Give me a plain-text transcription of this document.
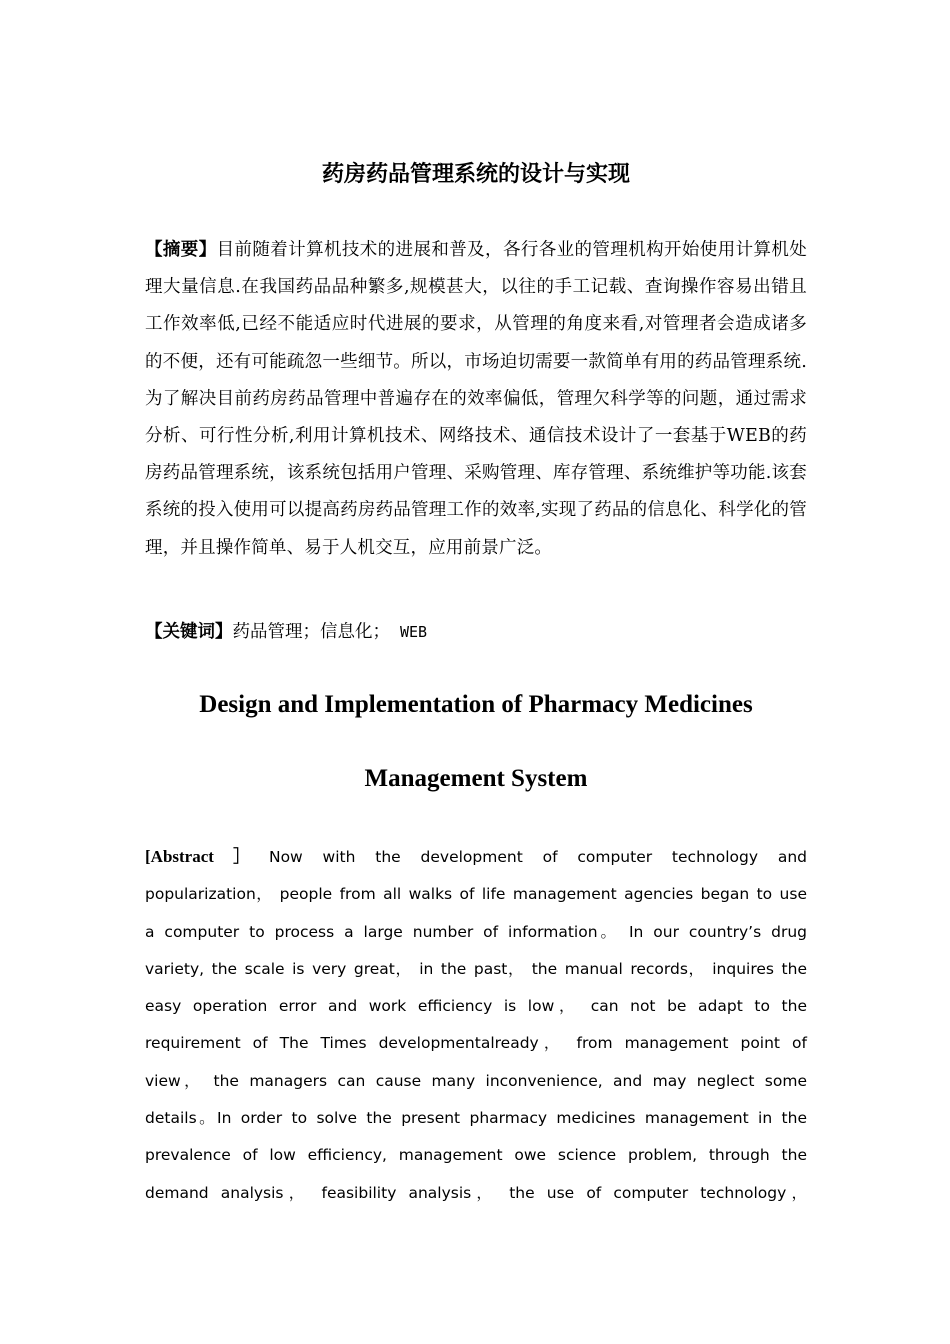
药房药品管理系统的设计与实现
【摘要】目前随着计算机技术的进展和普及，各行各业的管理机构开始使用计算机处理大量信息.在我国药品品种繁多,规模甚大，以往的手工记载、查询操作容易出错且工作效率低,已经不能适应时代进展的要求，从管理的角度来看,对管理者会造成诸多的不便，还有可能疏忽一些细节。所以，市场迫切需要一款简单有用的药品管理系统.为了解决目前药房药品管理中普遍存在的效率偏低，管理欠科学等的问题，通过需求分析、可行性分析,利用计算机技术、网络技术、通信技术设计了一套基于WEB的药房药品管理系统，该系统包括用户管理、采购管理、库存管理、系统维护等功能.该套系统的投入使用可以提高药房药品管理工作的效率,实现了药品的信息化、科学化的管理，并且操作简单、易于人机交互，应用前景广泛。
【关键词】药品管理；信息化； WEB
Design and Implementation of Pharmacy Medicines
Management System
[Abstract ］ Now with the development of computer technology and popularization， people from all walks of life management agencies began to use a computer to process a large number of information。 In our country’s drug variety, the scale is very great， in the past， the manual records， inquires the easy operation error and work efficiency is low， can not be adapt to the requirement of The Times developmentalready， from management point of view， the managers can cause many inconvenience, and may neglect some details。In order to solve the present pharmacy medicines management in the prevalence of low efficiency, management owe science problem, through the demand analysis， feasibility analysis， the use of computer technology，
